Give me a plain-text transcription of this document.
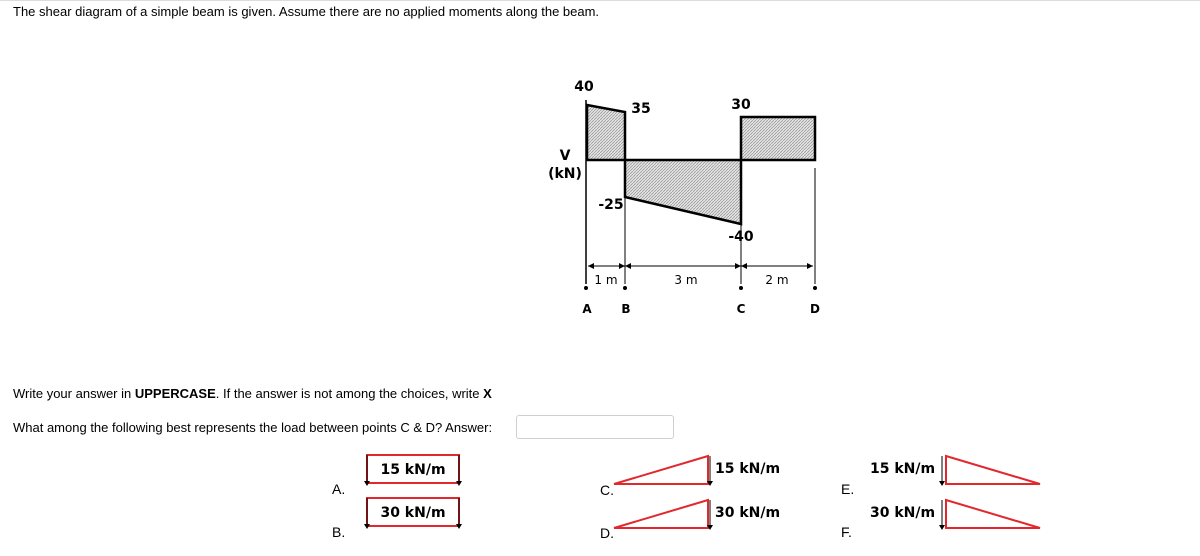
The shear diagram of a simple beam is given. Assume there are no applied moments along the beam.
40
35	30
-25
-40
V
(kN)
1 m	3 m	2 m
A B	C	D
Write your answer in UPPERCASE. If the answer is not among the choices, write X
What among the following best represents the load between points C & D? Answer:
A.
B.
C.
D.
E.
F.
15 kN/m
30 kN/m
15 kN/m
30 kN/m
15 kN/m
30 kN/m
